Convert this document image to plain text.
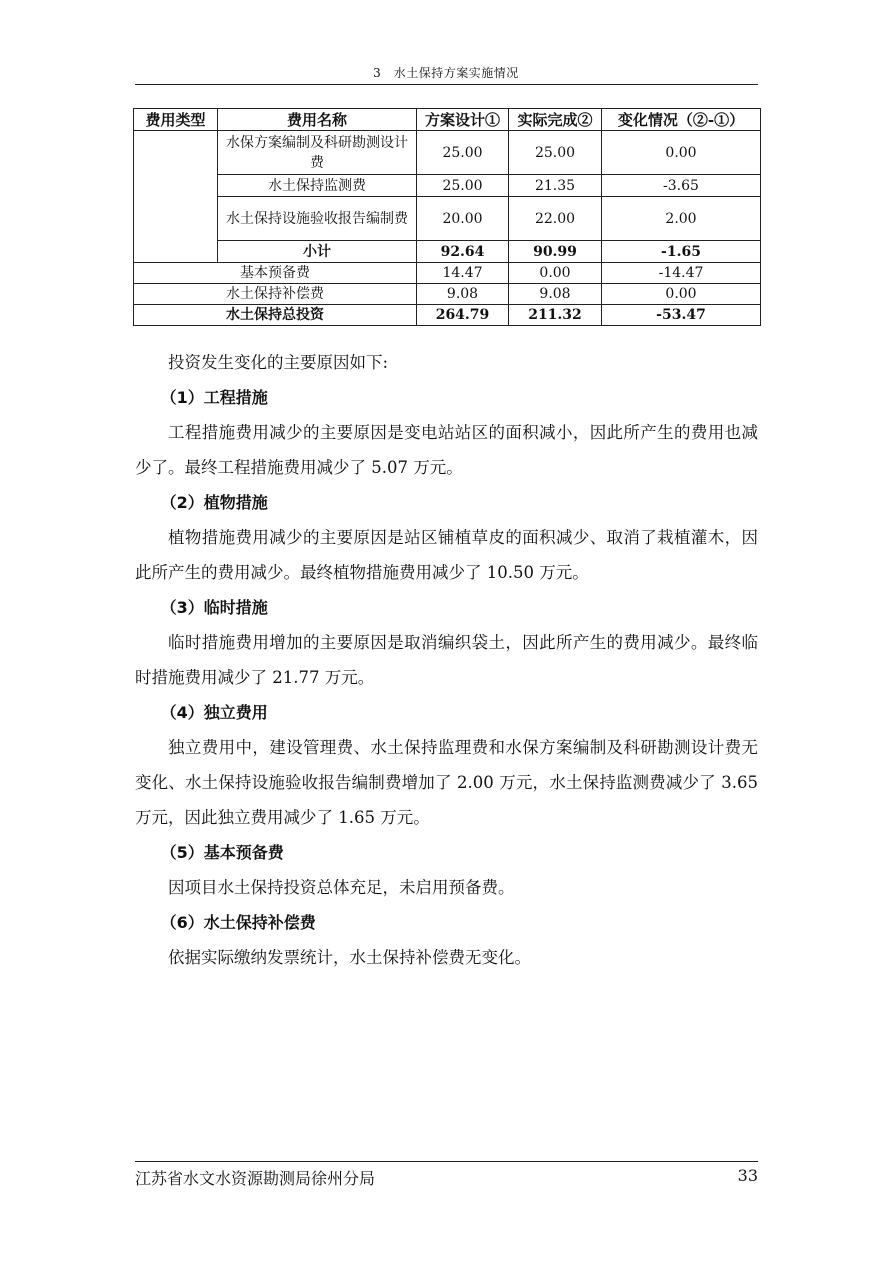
3　水土保持方案实施情况
费用类型	费用名称	方案设计①	实际完成②	变化情况（②-①）
	水保方案编制及科研勘测设计费	25.00	25.00	0.00
	水土保持监测费	25.00	21.35	-3.65
	水土保持设施验收报告编制费	20.00	22.00	2.00
	小计	92.64	90.99	-1.65
基本预备费		14.47	0.00	-14.47
水土保持补偿费		9.08	9.08	0.00
水土保持总投资		264.79	211.32	-53.47

投资发生变化的主要原因如下:

（1）工程措施

工程措施费用减少的主要原因是变电站站区的面积减小，因此所产生的费用也减少了。最终工程措施费用减少了 5.07 万元。

（2）植物措施

植物措施费用减少的主要原因是站区铺植草皮的面积减少、取消了栽植灌木，因此所产生的费用减少。最终植物措施费用减少了 10.50 万元。

（3）临时措施

临时措施费用增加的主要原因是取消编织袋土，因此所产生的费用减少。最终临时措施费用减少了 21.77 万元。

（4）独立费用

独立费用中，建设管理费、水土保持监理费和水保方案编制及科研勘测设计费无变化、水土保持设施验收报告编制费增加了 2.00 万元，水土保持监测费减少了 3.65 万元，因此独立费用减少了 1.65 万元。

（5）基本预备费

因项目水土保持投资总体充足，未启用预备费。

（6）水土保持补偿费

依据实际缴纳发票统计，水土保持补偿费无变化。

江苏省水文水资源勘测局徐州分局	33
